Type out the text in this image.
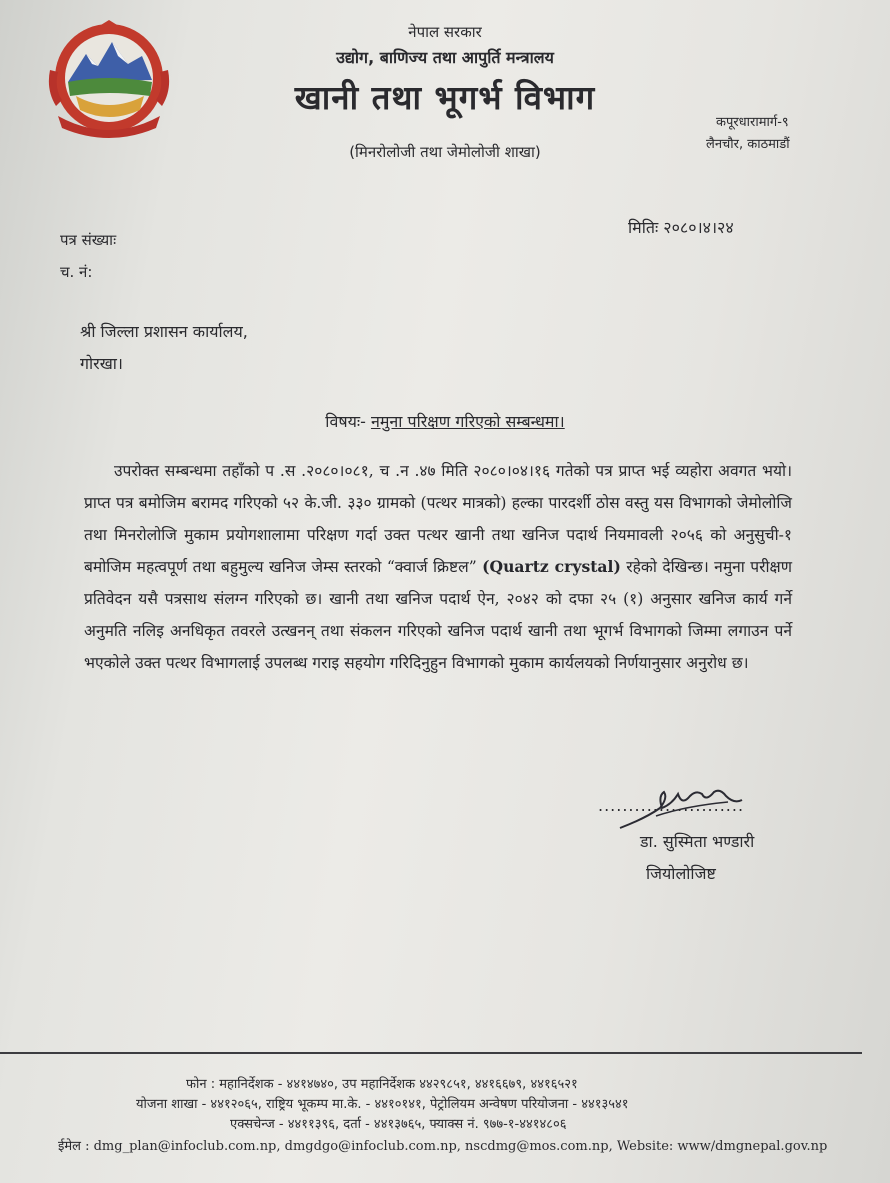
नेपाल सरकार
उद्योग, बाणिज्य तथा आपुर्ति मन्त्रालय
खानी तथा भूगर्भ विभाग
(मिनरोलोजी तथा जेमोलोजी शाखा)
कपूरधारामार्ग-९
लैनचौर, काठमाडौं
मितिः २०८०।४।२४
पत्र संख्याः
च. नं:
श्री जिल्ला प्रशासन कार्यालय,
गोरखा।
विषयः- नमुना परिक्षण गरिएको सम्बन्धमा।
उपरोक्त सम्बन्धमा तहाँको प .स .२०८०।०८१, च .न .४७ मिति २०८०।०४।१६ गतेको पत्र प्राप्त भई व्यहोरा अवगत भयो। प्राप्त पत्र बमोजिम बरामद गरिएको ५२ के.जी. ३३० ग्रामको (पत्थर मात्रको) हल्का पारदर्शी ठोस वस्तु यस विभागको जेमोलोजि तथा मिनरोलोजि मुकाम प्रयोगशालामा परिक्षण गर्दा उक्त पत्थर खानी तथा खनिज पदार्थ नियमावली २०५६ को अनुसुची-१ बमोजिम महत्वपूर्ण तथा बहुमुल्य खनिज जेम्स स्तरको “क्वार्ज क्रिष्टल” (Quartz crystal) रहेको देखिन्छ। नमुना परीक्षण प्रतिवेदन यसै पत्रसाथ संलग्न गरिएको छ। खानी तथा खनिज पदार्थ ऐन, २०४२ को दफा २५ (१) अनुसार खनिज कार्य गर्ने अनुमति नलिइ अनधिकृत तवरले उत्खनन् तथा संकलन गरिएको खनिज पदार्थ खानी तथा भूगर्भ विभागको जिम्मा लगाउन पर्ने भएकोले उक्त पत्थर विभागलाई उपलब्ध गराइ सहयोग गरिदिनुहुन विभागको मुकाम कार्यलयको निर्णयानुसार अनुरोध छ।
........................
डा. सुस्मिता भण्डारी
जियोलोजिष्ट
फोन : महानिर्देशक - ४४१४७४०, उप महानिर्देशक ४४२९८५१, ४४१६६७९, ४४१६५२१
योजना शाखा - ४४१२०६५, राष्ट्रिय भूकम्प मा.के. - ४४१०१४१, पेट्रोलियम अन्वेषण परियोजना - ४४१३५४१
एक्सचेन्ज - ४४११३९६, दर्ता - ४४१३७६५, फ्याक्स नं. ९७७-१-४४१४८०६
ईमेल : dmg_plan@infoclub.com.np, dmgdgo@infoclub.com.np, nscdmg@mos.com.np, Website: www/dmgnepal.gov.np
